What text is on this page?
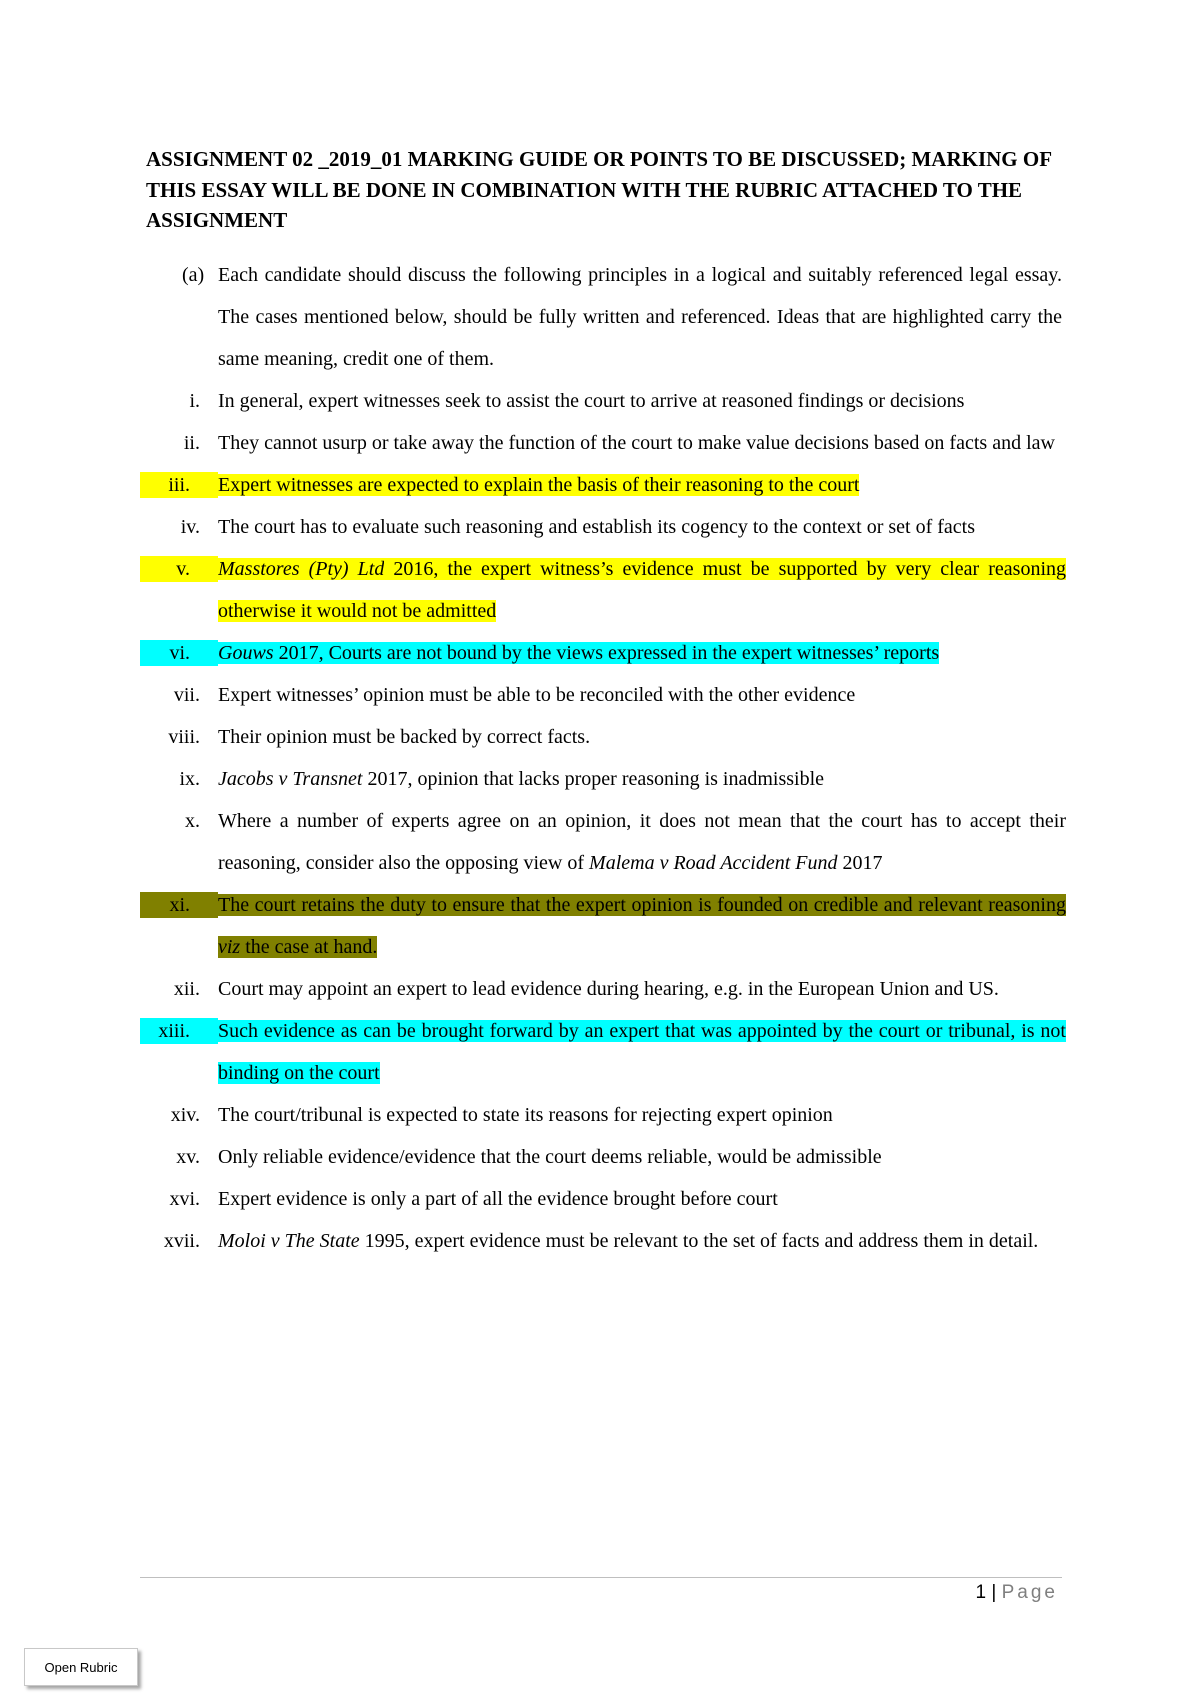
ASSIGNMENT 02 _2019_01 MARKING GUIDE OR POINTS TO BE DISCUSSED; MARKING OF THIS ESSAY WILL BE DONE IN COMBINATION WITH THE RUBRIC ATTACHED TO THE ASSIGNMENT
(a) Each candidate should discuss the following principles in a logical and suitably referenced legal essay. The cases mentioned below, should be fully written and referenced. Ideas that are highlighted carry the same meaning, credit one of them.
i. In general, expert witnesses seek to assist the court to arrive at reasoned findings or decisions
ii. They cannot usurp or take away the function of the court to make value decisions based on facts and law
iii. Expert witnesses are expected to explain the basis of their reasoning to the court
iv. The court has to evaluate such reasoning and establish its cogency to the context or set of facts
v. Masstores (Pty) Ltd 2016, the expert witness’s evidence must be supported by very clear reasoning otherwise it would not be admitted
vi. Gouws 2017, Courts are not bound by the views expressed in the expert witnesses’ reports
vii. Expert witnesses’ opinion must be able to be reconciled with the other evidence
viii. Their opinion must be backed by correct facts.
ix. Jacobs v Transnet 2017, opinion that lacks proper reasoning is inadmissible
x. Where a number of experts agree on an opinion, it does not mean that the court has to accept their reasoning, consider also the opposing view of Malema v Road Accident Fund 2017
xi. The court retains the duty to ensure that the expert opinion is founded on credible and relevant reasoning viz the case at hand.
xii. Court may appoint an expert to lead evidence during hearing, e.g. in the European Union and US.
xiii. Such evidence as can be brought forward by an expert that was appointed by the court or tribunal, is not binding on the court
xiv. The court/tribunal is expected to state its reasons for rejecting expert opinion
xv. Only reliable evidence/evidence that the court deems reliable, would be admissible
xvi. Expert evidence is only a part of all the evidence brought before court
xvii. Moloi v The State 1995, expert evidence must be relevant to the set of facts and address them in detail.
1 | Page
Open Rubric
